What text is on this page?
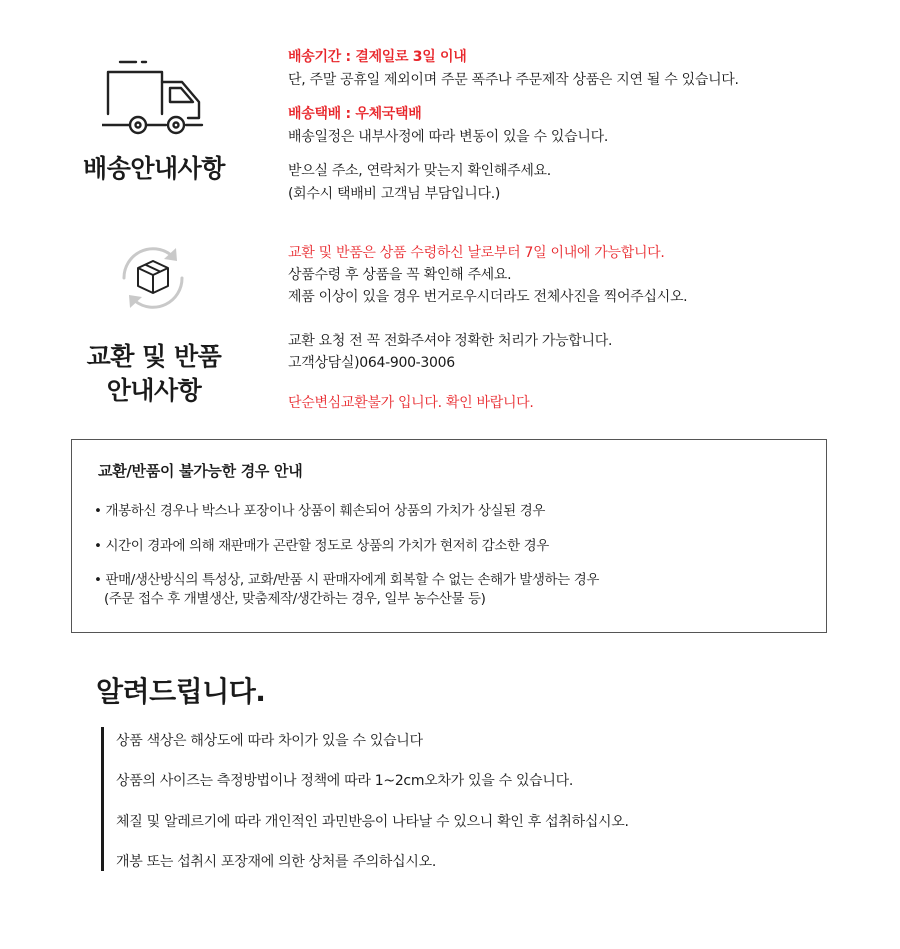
배송안내사항
배송기간 : 결제일로 3일 이내
단, 주말 공휴일 제외이며 주문 폭주나 주문제작 상품은 지연 될 수 있습니다.
배송택배 : 우체국택배
배송일정은 내부사정에 따라 변동이 있을 수 있습니다.
받으실 주소, 연락처가 맞는지 확인해주세요.
(회수시 택배비 고객님 부담입니다.)
교환 및 반품
안내사항
교환 및 반품은 상품 수령하신 날로부터 7일 이내에 가능합니다.
상품수령 후 상품을 꼭 확인해 주세요.
제품 이상이 있을 경우 번거로우시더라도 전체사진을 찍어주십시오.
교환 요청 전 꼭 전화주셔야 정확한 처리가 가능합니다.
고객상담실)064-900-3006
단순변심교환불가 입니다. 확인 바랍니다.
교환/반품이 불가능한 경우 안내
• 개봉하신 경우나 박스나 포장이나 상품이 훼손되어 상품의 가치가 상실된 경우
• 시간이 경과에 의해 재판매가 곤란할 정도로 상품의 가치가 현저히 감소한 경우
• 판매/생산방식의 특성상, 교화/반품 시 판매자에게 회복할 수 없는 손해가 발생하는 경우
(주문 접수 후 개별생산, 맞춤제작/생간하는 경우, 일부 농수산물 등)
알려드립니다.
상품 색상은 해상도에 따라 차이가 있을 수 있습니다
상품의 사이즈는 측정방법이나 정책에 따라 1~2cm오차가 있을 수 있습니다.
체질 및 알레르기에 따라 개인적인 과민반응이 나타날 수 있으니 확인 후 섭취하십시오.
개봉 또는 섭취시 포장재에 의한 상처를 주의하십시오.
